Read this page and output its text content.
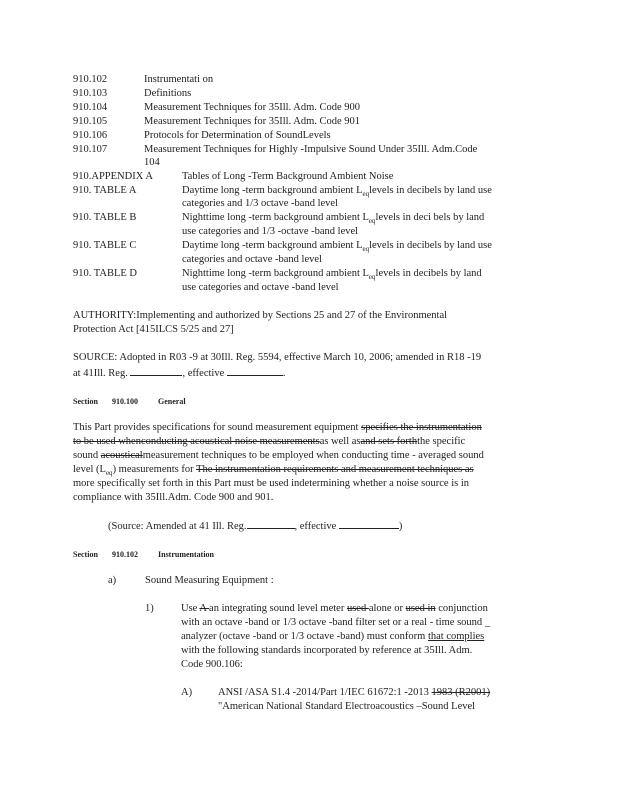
910.102	Instrumentati on
910.103	Definitions
910.104	Measurement Techniques for 35Ill. Adm. Code 900
910.105	Measurement Techniques for 35Ill. Adm. Code 901
910.106	Protocols for Determination of SoundLevels
910.107	Measurement Techniques for Highly -Impulsive Sound Under 35Ill. Adm.Code
104
910.APPENDIX A	Tables of Long -Term Background Ambient Noise
910. TABLE A	Daytime long -term background ambient $L_{eq}levels$ in decibels by land use
categories and 1/3 octave -band level
910. TABLE B	Nighttime long -term background ambient $L_{eq}levels$ in deci bels by land
use categories and 1/3 -octave -band level
910. TABLE C	Daytime long -term background ambient $L_{eq}levels$ in decibels by land use
categories and octave -band level
910. TABLE D	Nighttime long -term background ambient $L_{eq}levels$ in decibels by land
use categories and octave -band level
AUTHORITY:Implementing and authorized by Sections 25 and 27 of the Environmental
Protection Act [415ILCS 5/25 and 27]
SOURCE: Adopted in R03 -9 at 30Ill. Reg. 5594, effective March 10, 2006; amended in R18 -19
at 41Ill. Reg.	, effective	.
Section 910.100	General
This Part provides specifications for sound measurement equipment specifies the instrumentation
to be used whenconducting acoustical noise measurementsas well asand sets forththe specific
sound acousticalmeasurement techniques to be employed when conducting time - averaged sound
level $(L_{eq})$ measurements for The instrumentation requirements and measurement techniques as
more specifically set forth in this Part must be used indetermining whether a noise source is in
compliance with 35Ill.Adm. Code 900 and 901.
(Source: Amended at 41 Ill. Reg.	, effective	)
Section 910.102	Instrumentation
a)	Sound Measuring Equipment :
1)	Use A an integrating sound level meter used alone or used in conjunction
with an octave -band or 1/3 octave -band filter set or a real - time sound _
analyzer (octave -band or 1/3 octave -band) must conform that complies
with the following standards incorporated by reference at 35Ill. Adm.
Code 900.106:
A) ANSI /ASA S1.4 -2014/Part 1/IEC 61672:1 -2013 1983 (R2001)
"American National Standard Electroacoustics –Sound Level
